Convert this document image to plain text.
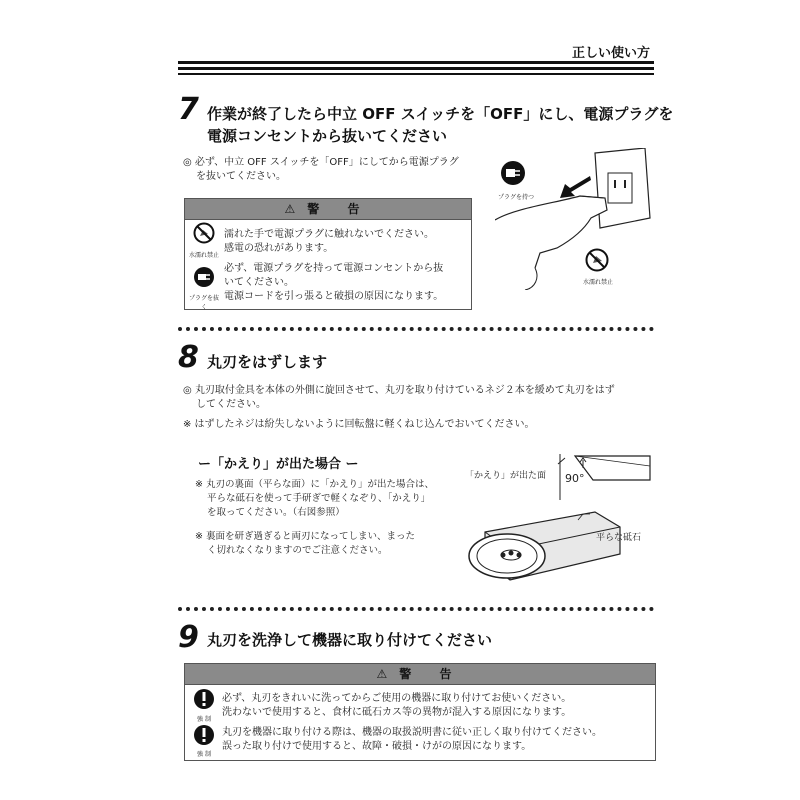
正しい使い方
7 作業が終了したら中立 OFF スイッチを「OFF」にし、電源プラグを
電源コンセントから抜いてください
◎ 必ず、中立 OFF スイッチを「OFF」にしてから電源プラグ
を抜いてください。
⚠ 警 告
水濡れ禁止
濡れた手で電源プラグに触れないでください。
感電の恐れがあります。
プラグを抜く
必ず、電源プラグを持って電源コンセントから抜
いてください。
電源コードを引っ張ると破損の原因になります。
プラグを持つ
水濡れ禁止
8 丸刃をはずします
◎ 丸刃取付金具を本体の外側に旋回させて、丸刃を取り付けているネジ２本を緩めて丸刃をはず
してください。
※ はずしたネジは紛失しないように回転盤に軽くねじ込んでおいてください。
ー「かえり」が出た場合 ー
※ 丸刃の裏面（平らな面）に「かえり」が出た場合は、
平らな砥石を使って手研ぎで軽くなぞり、「かえり」
を取ってください。（右図参照）
※ 裏面を研ぎ過ぎると両刃になってしまい、まった
く切れなくなりますのでご注意ください。
「かえり」が出た面 90°
平らな砥石
9 丸刃を洗浄して機器に取り付けてください
⚠ 警 告
強 制
必ず、丸刃をきれいに洗ってからご使用の機器に取り付けてお使いください。
洗わないで使用すると、食材に砥石カス等の異物が混入する原因になります。
強 制
丸刃を機器に取り付ける際は、機器の取扱説明書に従い正しく取り付けてください。
誤った取り付けで使用すると、故障・破損・けがの原因になります。
